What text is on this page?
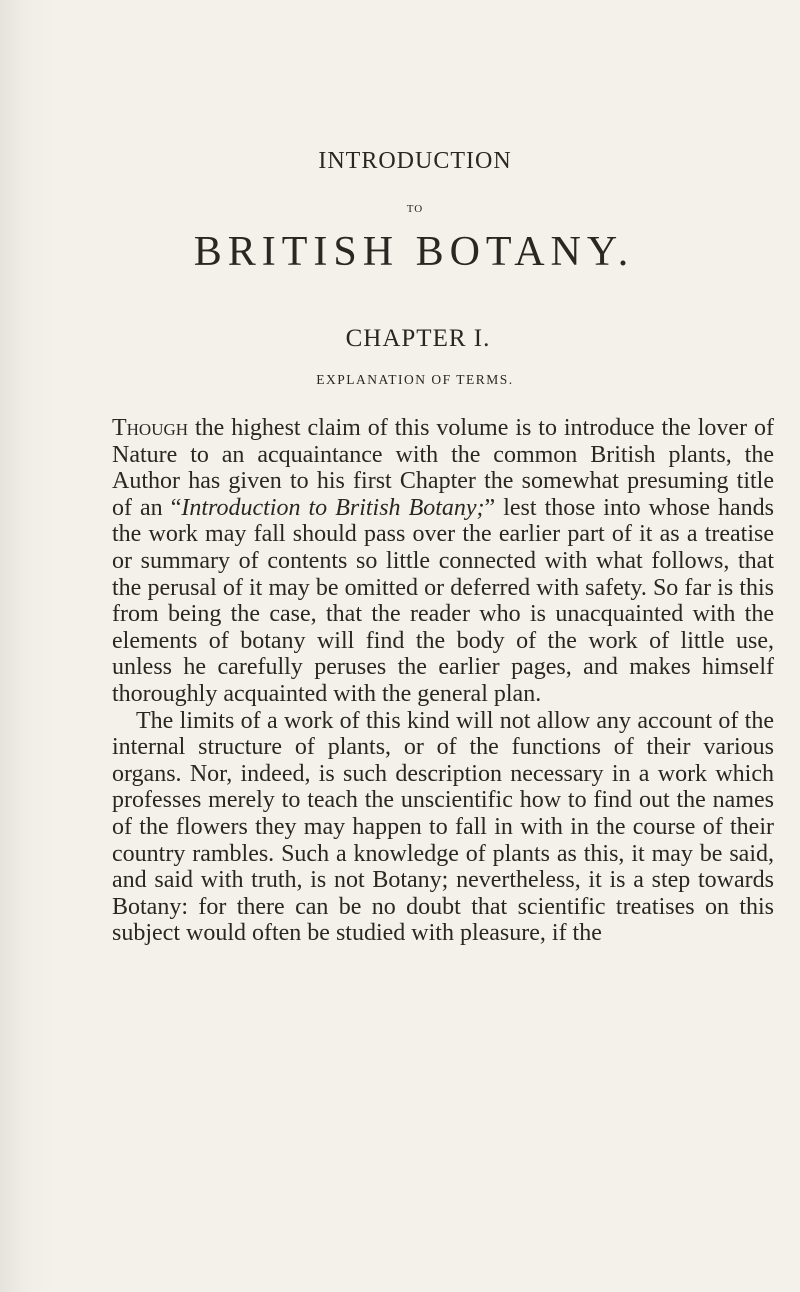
INTRODUCTION
TO
BRITISH BOTANY.
CHAPTER I.
EXPLANATION OF TERMS.

Though the highest claim of this volume is to introduce the lover of Nature to an acquaintance with the common British plants, the Author has given to his first Chapter the somewhat presuming title of an “Introduction to British Botany;” lest those into whose hands the work may fall should pass over the earlier part of it as a treatise or summary of contents so little connected with what follows, that the perusal of it may be omitted or deferred with safety. So far is this from being the case, that the reader who is unacquainted with the elements of botany will find the body of the work of little use, unless he carefully peruses the earlier pages, and makes himself thoroughly acquainted with the general plan.

The limits of a work of this kind will not allow any account of the internal structure of plants, or of the functions of their various organs. Nor, indeed, is such description necessary in a work which professes merely to teach the unscientific how to find out the names of the flowers they may happen to fall in with in the course of their country rambles. Such a knowledge of plants as this, it may be said, and said with truth, is not Botany; nevertheless, it is a step towards Botany: for there can be no doubt that scientific treatises on this subject would often be studied with pleasure, if the
